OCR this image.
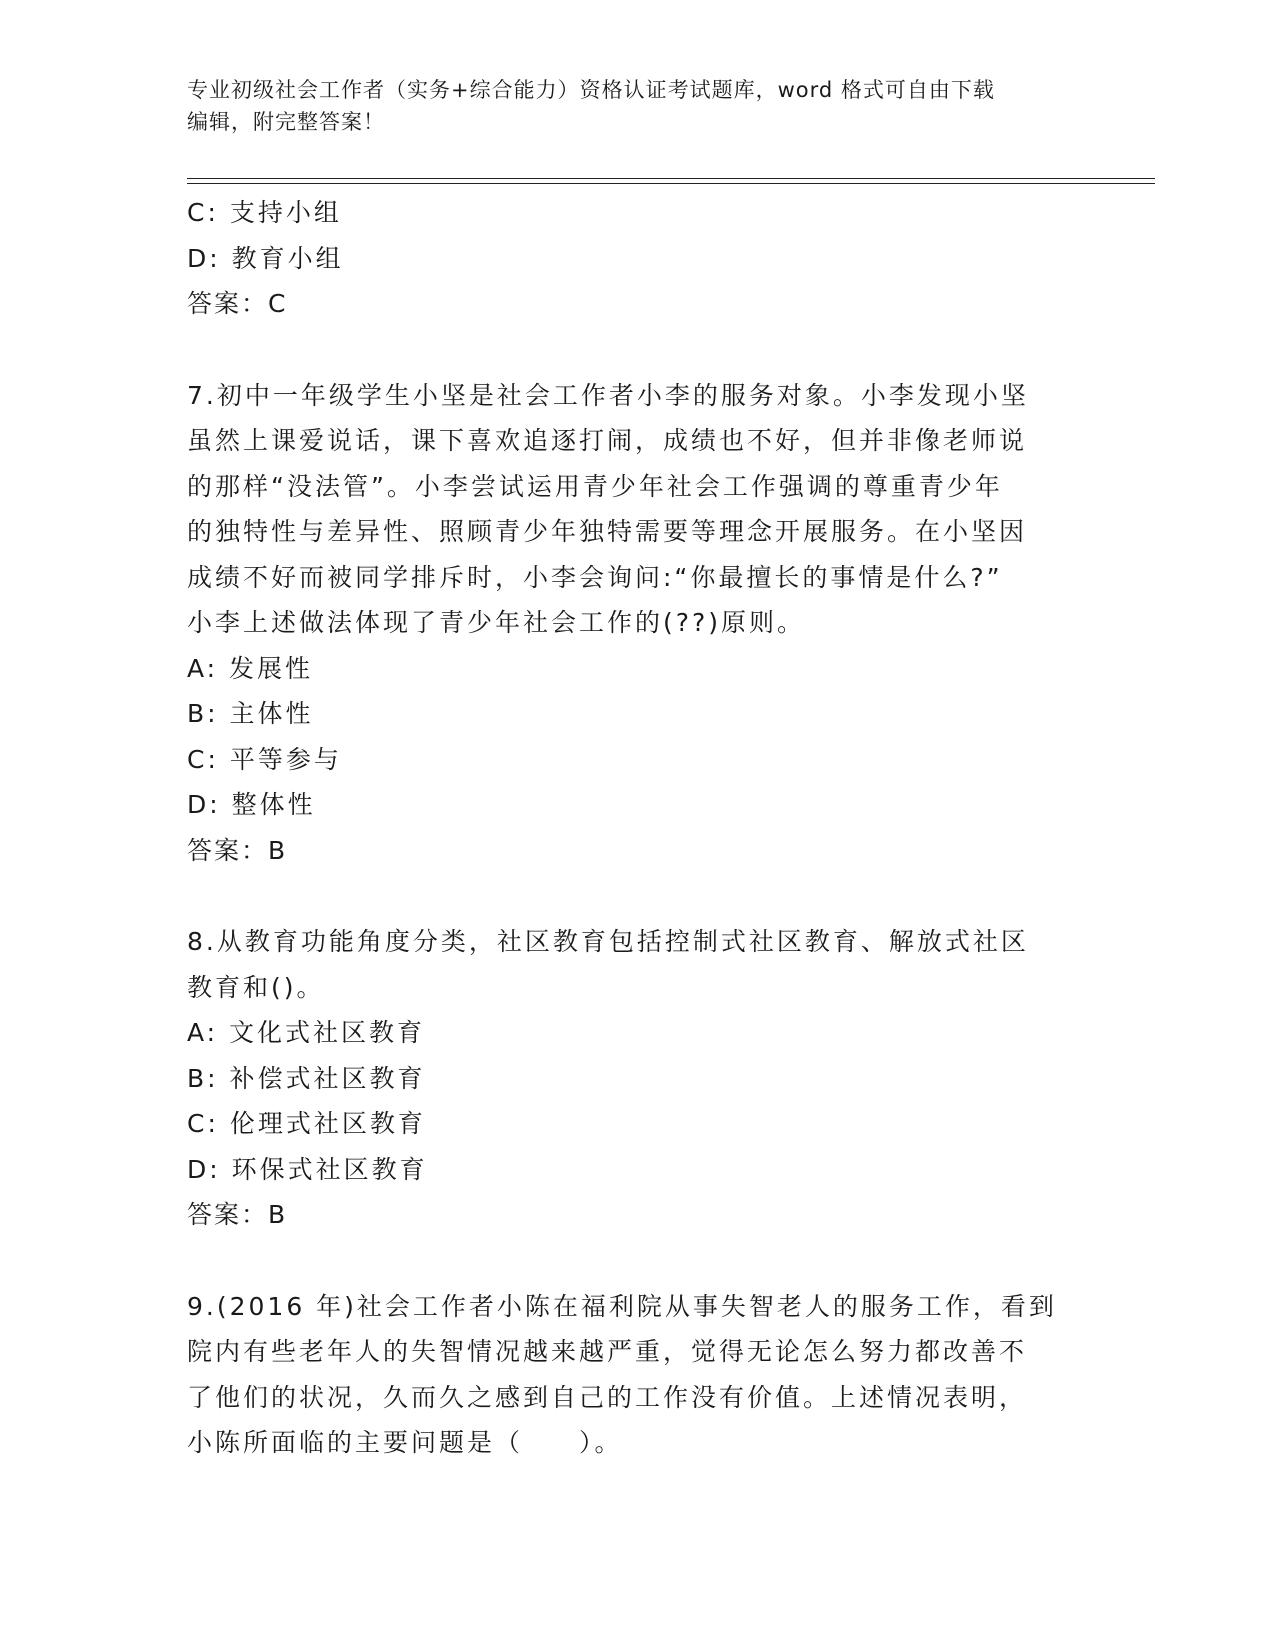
专业初级社会工作者（实务+综合能力）资格认证考试题库，word 格式可自由下载
编辑，附完整答案！
C: 支持小组
D: 教育小组
答案：C
7.初中一年级学生小坚是社会工作者小李的服务对象。小李发现小坚
虽然上课爱说话，课下喜欢追逐打闹，成绩也不好，但并非像老师说
的那样“没法管”。小李尝试运用青少年社会工作强调的尊重青少年
的独特性与差异性、照顾青少年独特需要等理念开展服务。在小坚因
成绩不好而被同学排斥时，小李会询问:“你最擅长的事情是什么?”
小李上述做法体现了青少年社会工作的(??)原则。
A: 发展性
B: 主体性
C: 平等参与
D: 整体性
答案：B
8.从教育功能角度分类，社区教育包括控制式社区教育、解放式社区
教育和()。
A: 文化式社区教育
B: 补偿式社区教育
C: 伦理式社区教育
D: 环保式社区教育
答案：B
9.(2016 年)社会工作者小陈在福利院从事失智老人的服务工作，看到
院内有些老年人的失智情况越来越严重，觉得无论怎么努力都改善不
了他们的状况，久而久之感到自己的工作没有价值。上述情况表明，
小陈所面临的主要问题是（　　）。
